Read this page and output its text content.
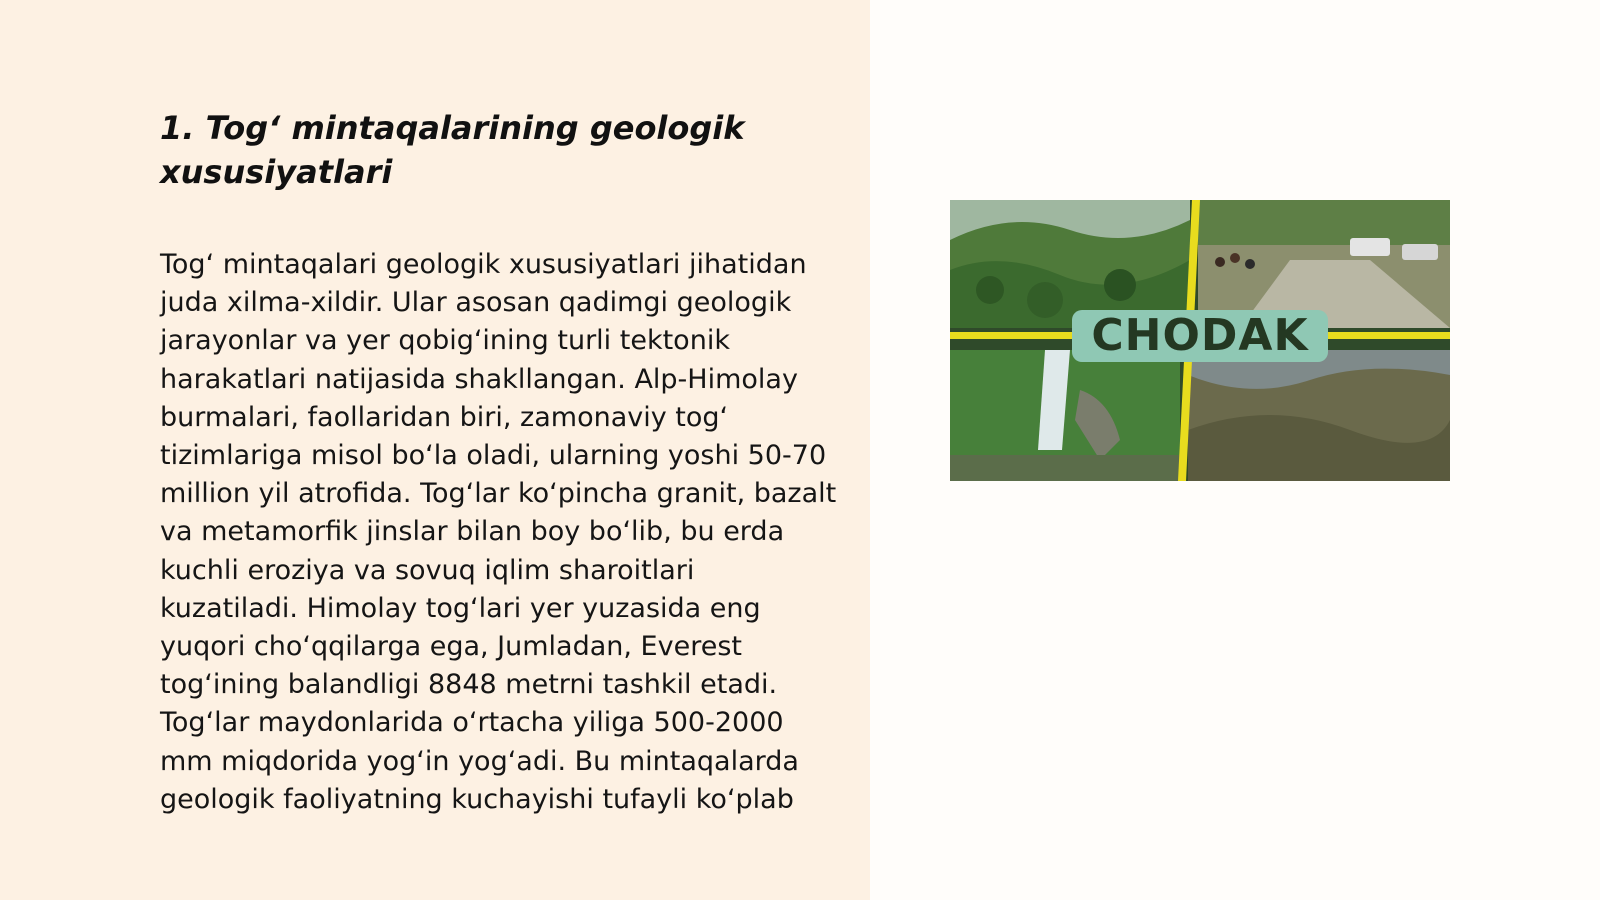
1. Tog‘ mintaqalarining geologik xususiyatlari

Tog‘ mintaqalari geologik xususiyatlari jihatidan juda xilma-xildir. Ular asosan qadimgi geologik jarayonlar va yer qobig‘ining turli tektonik harakatlari natijasida shakllangan. Alp-Himolay burmalari, faollaridan biri, zamonaviy tog‘ tizimlariga misol bo‘la oladi, ularning yoshi 50-70 million yil atrofida. Tog‘lar ko‘pincha granit, bazalt va metamorfik jinslar bilan boy bo‘lib, bu erda kuchli eroziya va sovuq iqlim sharoitlari kuzatiladi. Himolay tog‘lari yer yuzasida eng yuqori cho‘qqilarga ega, Jumladan, Everest tog‘ining balandligi 8848 metrni tashkil etadi. Tog‘lar maydonlarida o‘rtacha yiliga 500-2000 mm miqdorida yog‘in yog‘adi. Bu mintaqalarda geologik faoliyatning kuchayishi tufayli ko‘plab

CHODAK
